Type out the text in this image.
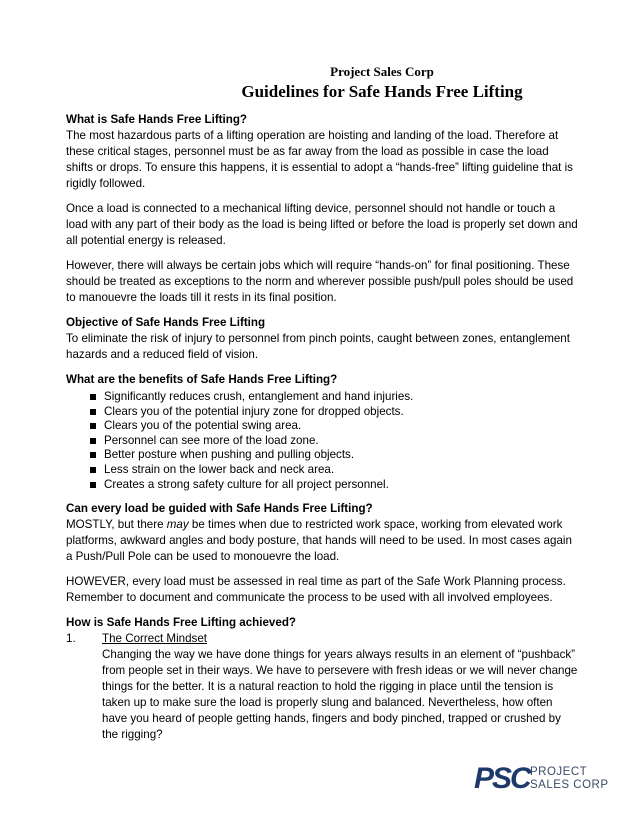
Project Sales Corp
Guidelines for Safe Hands Free Lifting

What is Safe Hands Free Lifting?
The most hazardous parts of a lifting operation are hoisting and landing of the load. Therefore at these critical stages, personnel must be as far away from the load as possible in case the load shifts or drops. To ensure this happens, it is essential to adopt a “hands-free” lifting guideline that is rigidly followed.

Once a load is connected to a mechanical lifting device, personnel should not handle or touch a load with any part of their body as the load is being lifted or before the load is properly set down and all potential energy is released.

However, there will always be certain jobs which will require “hands-on” for final positioning. These should be treated as exceptions to the norm and wherever possible push/pull poles should be used to manouevre the loads till it rests in its final position.

Objective of Safe Hands Free Lifting
To eliminate the risk of injury to personnel from pinch points, caught between zones, entanglement hazards and a reduced field of vision.

What are the benefits of Safe Hands Free Lifting?

Significantly reduces crush, entanglement and hand injuries.
Clears you of the potential injury zone for dropped objects.
Clears you of the potential swing area.
Personnel can see more of the load zone.
Better posture when pushing and pulling objects.
Less strain on the lower back and neck area.
Creates a strong safety culture for all project personnel.

Can every load be guided with Safe Hands Free Lifting?
MOSTLY, but there may be times when due to restricted work space, working from elevated work platforms, awkward angles and body posture, that hands will need to be used. In most cases again a Push/Pull Pole can be used to monouevre the load.

HOWEVER, every load must be assessed in real time as part of the Safe Work Planning process. Remember to document and communicate the process to be used with all involved employees.

How is Safe Hands Free Lifting achieved?
1.	The Correct Mindset
Changing the way we have done things for years always results in an element of “pushback” from people set in their ways. We have to persevere with fresh ideas or we will never change things for the better. It is a natural reaction to hold the rigging in place until the tension is taken up to make sure the load is properly slung and balanced. Nevertheless, how often have you heard of people getting hands, fingers and body pinched, trapped or crushed by the rigging?
PSC PROJECT
SALES CORP
